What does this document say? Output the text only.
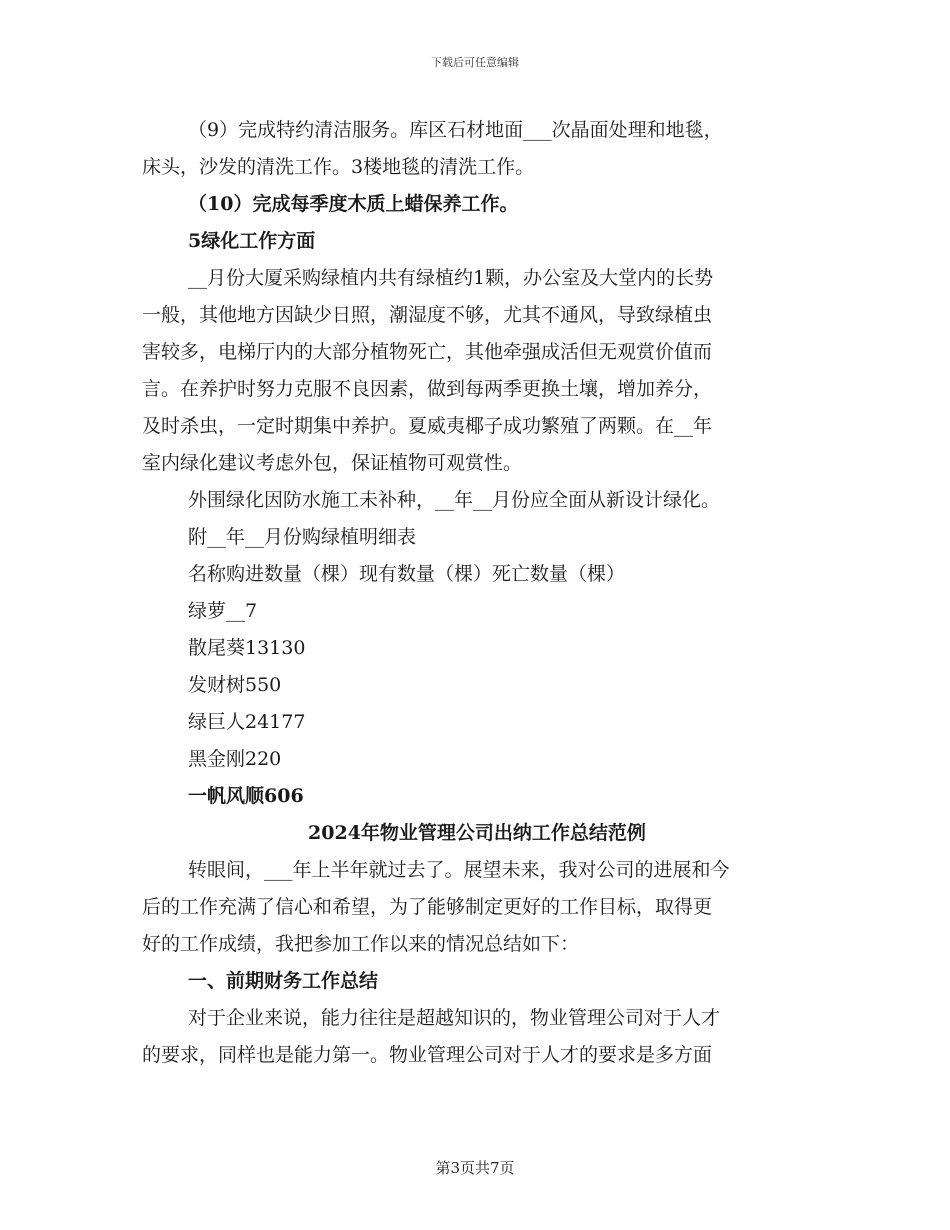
下载后可任意编辑
（9）完成特约清洁服务。库区石材地面___次晶面处理和地毯，
床头，沙发的清洗工作。3楼地毯的清洗工作。
（10）完成每季度木质上蜡保养工作。
5绿化工作方面
__月份大厦采购绿植内共有绿植约1颗，办公室及大堂内的长势
一般，其他地方因缺少日照，潮湿度不够，尤其不通风，导致绿植虫
害较多，电梯厅内的大部分植物死亡，其他牵强成活但无观赏价值而
言。在养护时努力克服不良因素，做到每两季更换土壤，增加养分，
及时杀虫，一定时期集中养护。夏威夷椰子成功繁殖了两颗。在__年
室内绿化建议考虑外包，保证植物可观赏性。
外围绿化因防水施工未补种，__年__月份应全面从新设计绿化。
附__年__月份购绿植明细表
名称购进数量（棵）现有数量（棵）死亡数量（棵）
绿萝__7
散尾葵13130
发财树550
绿巨人24177
黑金刚220
一帆风顺606
2024年物业管理公司出纳工作总结范例
转眼间，___年上半年就过去了。展望未来，我对公司的进展和今
后的工作充满了信心和希望，为了能够制定更好的工作目标，取得更
好的工作成绩，我把参加工作以来的情况总结如下：
一、前期财务工作总结
对于企业来说，能力往往是超越知识的，物业管理公司对于人才
的要求，同样也是能力第一。物业管理公司对于人才的要求是多方面
第3页共7页
